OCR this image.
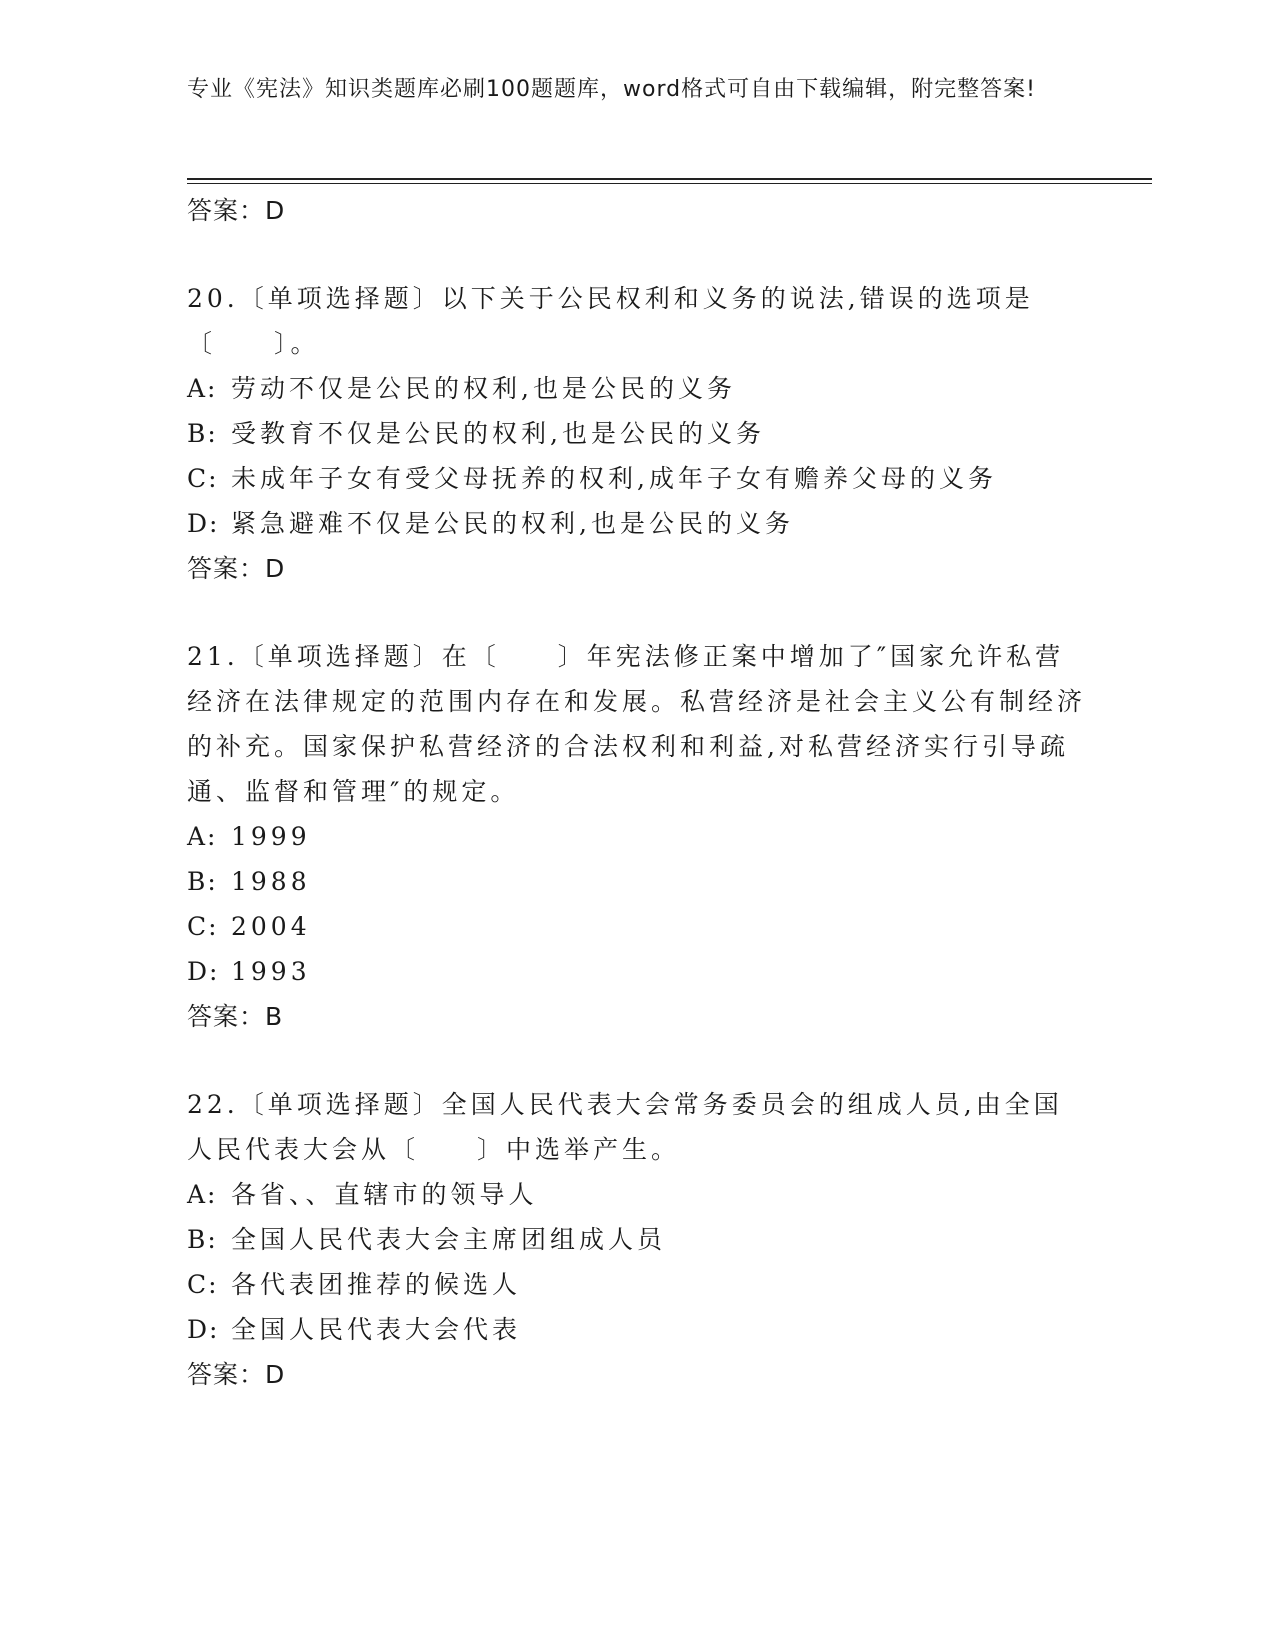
专业《宪法》知识类题库必刷100题题库，word格式可自由下载编辑，附完整答案!

答案：D

20.〔单项选择题〕以下关于公民权利和义务的说法,错误的选项是〔　　〕。

A: 劳动不仅是公民的权利,也是公民的义务

B: 受教育不仅是公民的权利,也是公民的义务

C: 未成年子女有受父母抚养的权利,成年子女有赡养父母的义务

D: 紧急避难不仅是公民的权利,也是公民的义务

答案：D

21.〔单项选择题〕在〔　　〕年宪法修正案中增加了″国家允许私营经济在法律规定的范围内存在和发展。私营经济是社会主义公有制经济的补充。国家保护私营经济的合法权利和利益,对私营经济实行引导疏通、监督和管理″的规定。

A: 1999

B: 1988

C: 2004

D: 1993

答案：B

22.〔单项选择题〕全国人民代表大会常务委员会的组成人员,由全国人民代表大会从〔　　〕中选举产生。

A: 各省、、直辖市的领导人

B: 全国人民代表大会主席团组成人员

C: 各代表团推荐的候选人

D: 全国人民代表大会代表

答案：D
